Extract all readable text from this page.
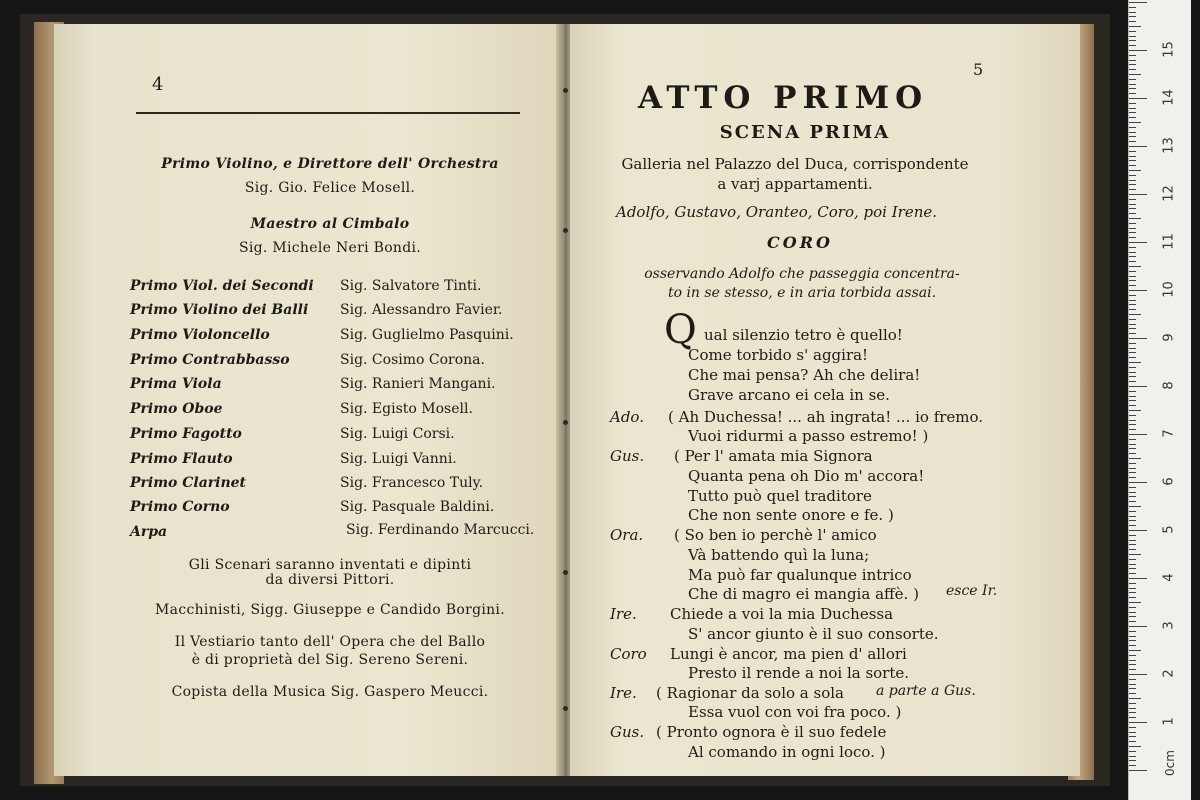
4
Primo Violino, e Direttore dell' Orchestra
Sig. Gio. Felice Mosell.
Maestro al Cimbalo
Sig. Michele Neri Bondi.
Primo Viol. dei Secondi Sig. Salvatore Tinti.
Primo Violino dei Balli Sig. Alessandro Favier.
Primo Violoncello	Sig. Guglielmo Pasquini.
Primo Contrabbasso	Sig. Cosimo Corona.
Prima Viola	Sig. Ranieri Mangani.
Primo Oboe	Sig. Egisto Mosell.
Primo Fagotto	Sig. Luigi Corsi.
Primo Flauto	Sig. Luigi Vanni.
Primo Clarinet	Sig. Francesco Tuly.
Primo Corno	Sig. Pasquale Baldini.
Arpa	Sig. Ferdinando Marcucci.
Gli Scenari saranno inventati e dipinti
da diversi Pittori.
Macchinisti, Sigg. Giuseppe e Candido Borgini.
Il Vestiario tanto dell' Opera che del Ballo
è di proprietà del Sig. Sereno Sereni.
Copista della Musica Sig. Gaspero Meucci.
5
ATTO PRIMO
SCENA PRIMA
Galleria nel Palazzo del Duca, corrispondente
a varj appartamenti.
Adolfo, Gustavo, Oranteo, Coro, poi Irene.
CORO
osservando Adolfo che passeggia concentra-
to in se stesso, e in aria torbida assai.
Q ual silenzio tetro è quello!
Come torbido s' aggira!
Che mai pensa? Ah che delira!
Grave arcano ei cela in se.
Ado. ( Ah Duchessa! ... ah ingrata! ... io fremo.
Vuoi ridurmi a passo estremo! )
Gus. ( Per l' amata mia Signora
Quanta pena oh Dio m' accora!
Tutto può quel traditore
Che non sente onore e fe. )
Ora. ( So ben io perchè l' amico
Và battendo quì la luna;
Ma può far qualunque intrico
Che di magro ei mangia affè. ) esce Ir.
Ire. Chiede a voi la mia Duchessa
S' ancor giunto è il suo consorte.
Coro Lungi è ancor, ma pien d' allori
Presto il rende a noi la sorte.
Ire. ( Ragionar da solo a sola a parte a Gus.
Essa vuol con voi fra poco. )
Gus. ( Pronto ognora è il suo fedele
Al comando in ogni loco. )	0cm
1
2
3
4
5
6
7
8
9
10
11
12
13
14
15
